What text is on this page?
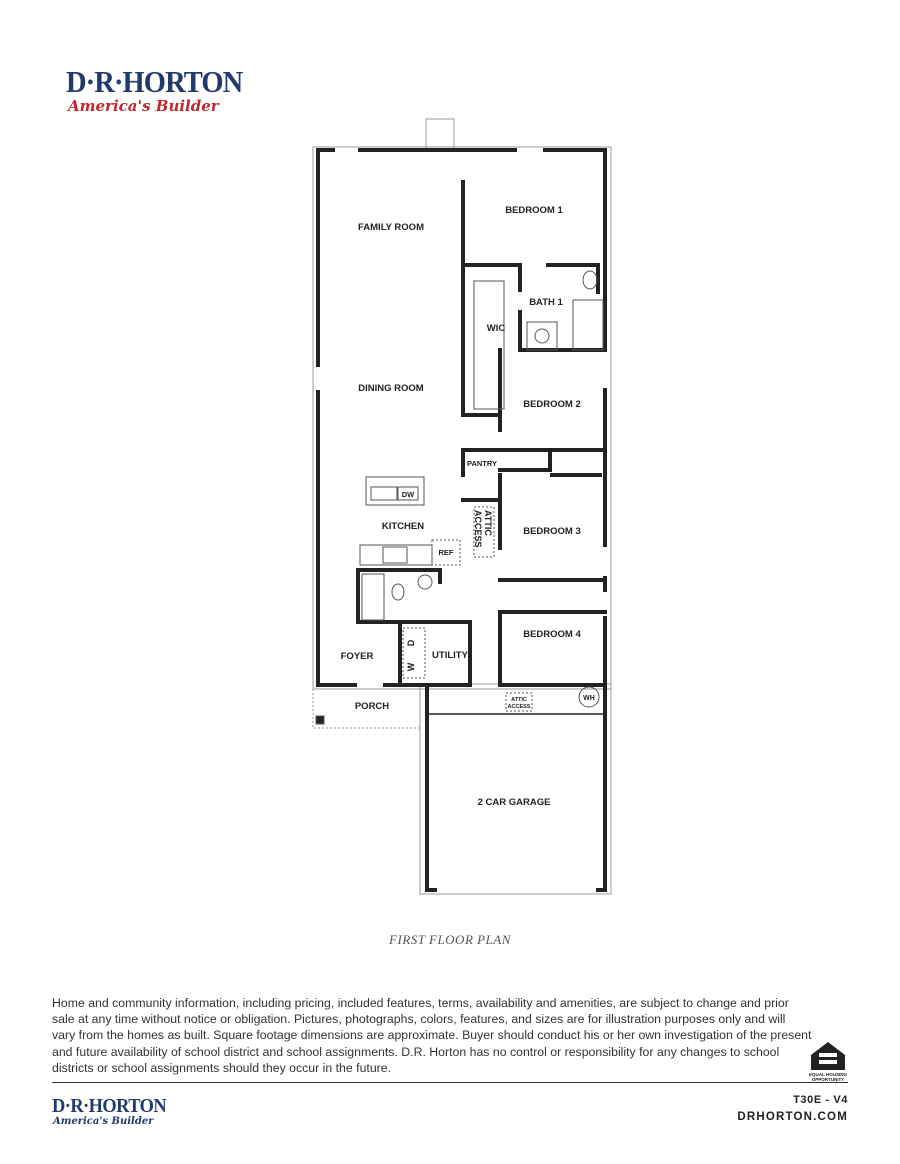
D·R·HORTON
America's Builder
FAMILY ROOM
DINING ROOM
BEDROOM 1
BATH 1
WIC
BEDROOM 2
PANTRY
KITCHEN
DW
REF
ATTIC
ACCESS	BEDROOM 3
BEDROOM 4
FOYER	UTILITY
W
D
PORCH
ATTIC
ACCESS
WH
2 CAR GARAGE
FIRST FLOOR PLAN
Home and community information, including pricing, included features, terms, availability and amenities, are subject to change and prior sale at any time without notice or obligation. Pictures, photographs, colors, features, and sizes are for illustration purposes only and will vary from the homes as built. Square footage dimensions are approximate. Buyer should conduct his or her own investigation of the present and future availability of school district and school assignments. D.R. Horton has no control or responsibility for any changes to school districts or school assignments should they occur in the future.	EQUAL HOUSING OPPORTUNITY
D·R·HORTON
America's Builder
T30E - V4
DRHORTON.COM
